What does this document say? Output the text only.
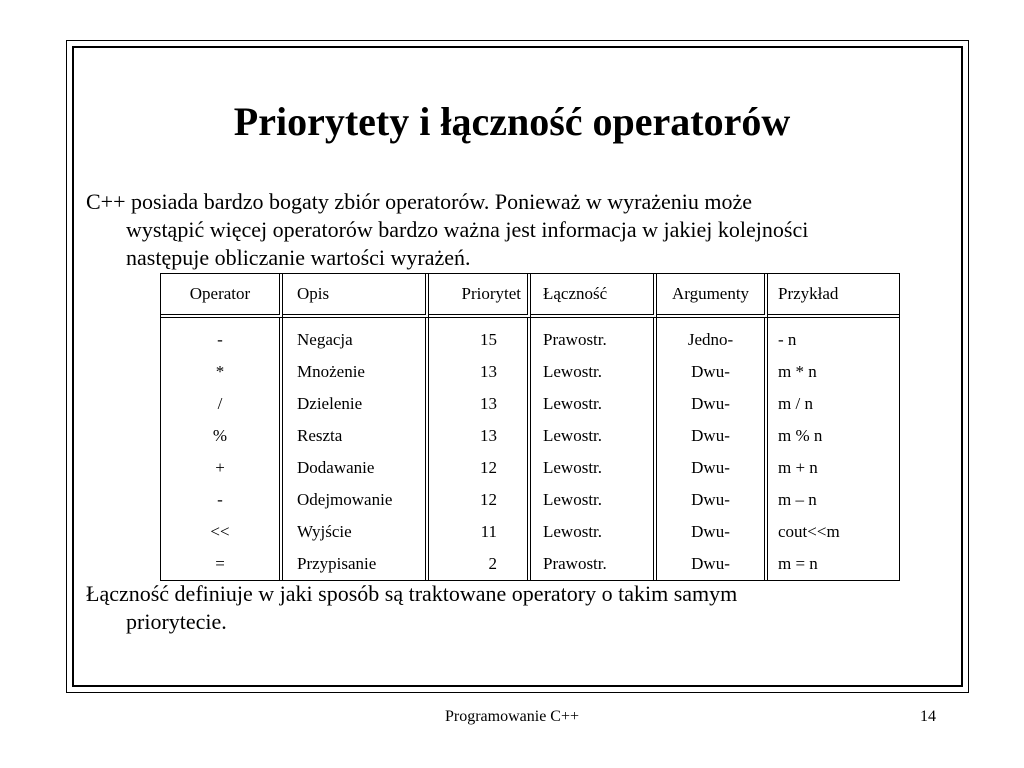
Priorytety i łączność operatorów
C++ posiada bardzo bogaty zbiór operatorów. Ponieważ w wyrażeniu może
wystąpić więcej operatorów bardzo ważna jest informacja w jakiej kolejności
następuje obliczanie wartości wyrażeń.
Operator	Opis	Priorytet	Łączność	Argumenty	Przykład
-	Negacja	15	Prawostr.	Jedno-	- n
*	Mnożenie	13	Lewostr.	Dwu-	m * n
/	Dzielenie	13	Lewostr.	Dwu-	m / n
%	Reszta	13	Lewostr.	Dwu-	m % n
+	Dodawanie	12	Lewostr.	Dwu-	m + n
-	Odejmowanie	12	Lewostr.	Dwu-	m – n
<<	Wyjście	11	Lewostr.	Dwu-	cout<<m
=	Przypisanie	2	Prawostr.	Dwu-	m = n
Łączność definiuje w jaki sposób są traktowane operatory o takim samym
priorytecie.
Programowanie C++	14
